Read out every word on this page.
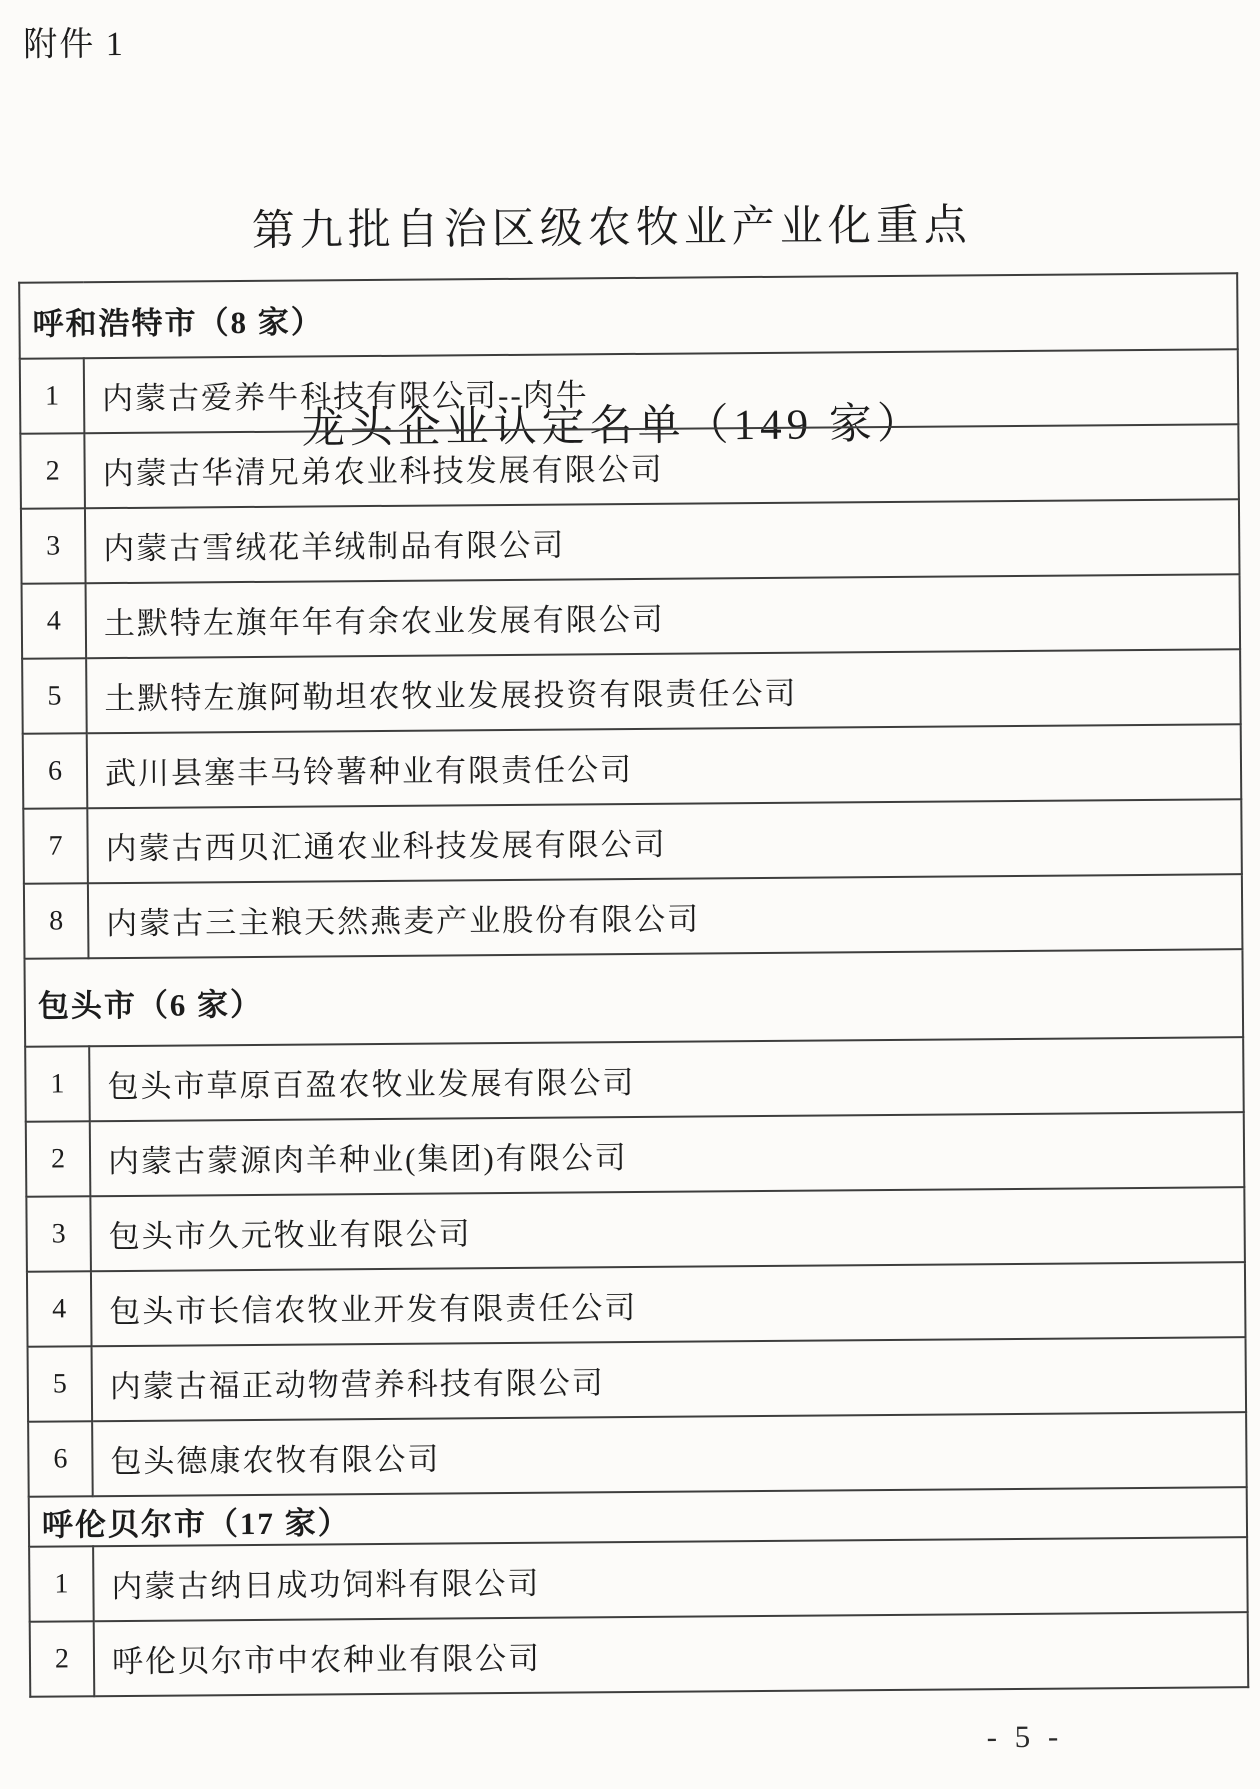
附件 1

第九批自治区级农牧业产业化重点

龙头企业认定名单（149 家）

呼和浩特市（8 家）	
1	内蒙古爱养牛科技有限公司--肉牛
2	内蒙古华清兄弟农业科技发展有限公司
3	内蒙古雪绒花羊绒制品有限公司
4	土默特左旗年年有余农业发展有限公司
5	土默特左旗阿勒坦农牧业发展投资有限责任公司
6	武川县塞丰马铃薯种业有限责任公司
7	内蒙古西贝汇通农业科技发展有限公司
8	内蒙古三主粮天然燕麦产业股份有限公司
包头市（6 家）	
1	包头市草原百盈农牧业发展有限公司
2	内蒙古蒙源肉羊种业(集团)有限公司
3	包头市久元牧业有限公司
4	包头市长信农牧业开发有限责任公司
5	内蒙古福正动物营养科技有限公司
6	包头德康农牧有限公司
呼伦贝尔市（17 家）	
1	内蒙古纳日成功饲料有限公司
2	呼伦贝尔市中农种业有限公司
- 5 -
